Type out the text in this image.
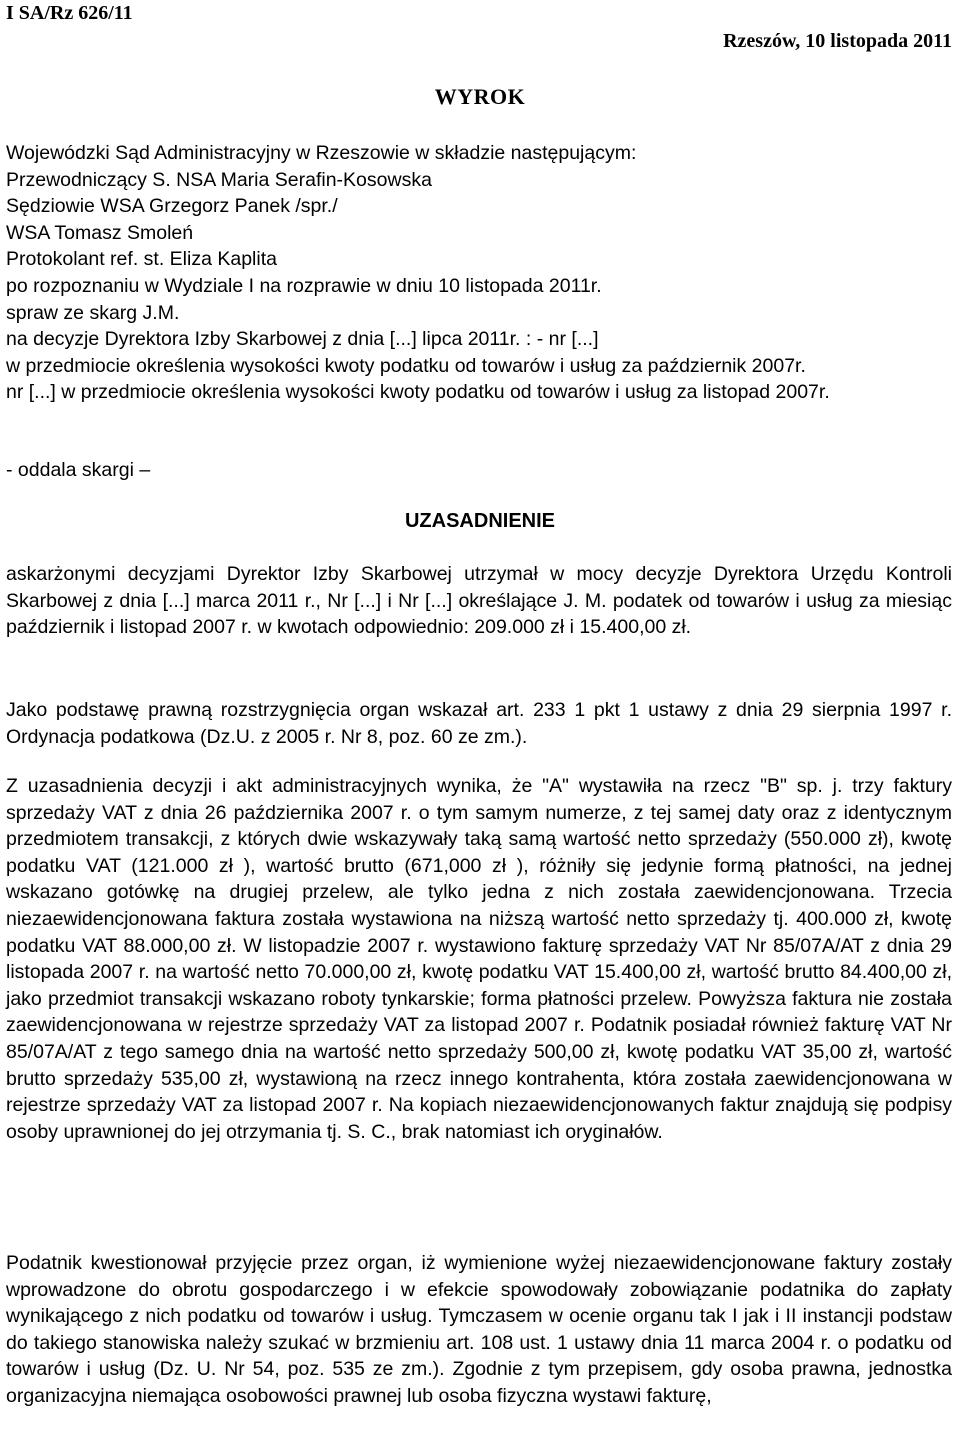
I SA/Rz 626/11
Rzeszów, 10 listopada 2011
WYROK
Wojewódzki Sąd Administracyjny w Rzeszowie w składzie następującym:
Przewodniczący S. NSA Maria Serafin-Kosowska
Sędziowie WSA Grzegorz Panek /spr./
WSA Tomasz Smoleń
Protokolant ref. st. Eliza Kaplita
po rozpoznaniu w Wydziale I na rozprawie w dniu 10 listopada 2011r.
spraw ze skarg J.M.
na decyzje Dyrektora Izby Skarbowej z dnia [...] lipca 2011r. : - nr [...]
w przedmiocie określenia wysokości kwoty podatku od towarów i usług za październik 2007r.
nr [...] w przedmiocie określenia wysokości kwoty podatku od towarów i usług za listopad 2007r.
- oddala skargi –
UZASADNIENIE

askarżonymi decyzjami Dyrektor Izby Skarbowej utrzymał w mocy decyzje Dyrektora Urzędu Kontroli Skarbowej z dnia [...] marca 2011 r., Nr [...] i Nr [...] określające J. M. podatek od towarów i usług za miesiąc październik i listopad 2007 r. w kwotach odpowiednio: 209.000 zł i 15.400,00 zł.

Jako podstawę prawną rozstrzygnięcia organ wskazał art. 233 1 pkt 1 ustawy z dnia 29 sierpnia 1997 r. Ordynacja podatkowa (Dz.U. z 2005 r. Nr 8, poz. 60 ze zm.).

Z uzasadnienia decyzji i akt administracyjnych wynika, że "A" wystawiła na rzecz "B" sp. j. trzy faktury sprzedaży VAT z dnia 26 października 2007 r. o tym samym numerze, z tej samej daty oraz z identycznym przedmiotem transakcji, z których dwie wskazywały taką samą wartość netto sprzedaży (550.000 zł), kwotę podatku VAT (121.000 zł ), wartość brutto (671,000 zł ), różniły się jedynie formą płatności, na jednej wskazano gotówkę na drugiej przelew, ale tylko jedna z nich została zaewidencjonowana. Trzecia niezaewidencjonowana faktura została wystawiona na niższą wartość netto sprzedaży tj. 400.000 zł, kwotę podatku VAT 88.000,00 zł. W listopadzie 2007 r. wystawiono fakturę sprzedaży VAT Nr 85/07A/AT z dnia 29 listopada 2007 r. na wartość netto 70.000,00 zł, kwotę podatku VAT 15.400,00 zł, wartość brutto 84.400,00 zł, jako przedmiot transakcji wskazano roboty tynkarskie; forma płatności przelew. Powyższa faktura nie została zaewidencjonowana w rejestrze sprzedaży VAT za listopad 2007 r. Podatnik posiadał również fakturę VAT Nr 85/07A/AT z tego samego dnia na wartość netto sprzedaży 500,00 zł, kwotę podatku VAT 35,00 zł, wartość brutto sprzedaży 535,00 zł, wystawioną na rzecz innego kontrahenta, która została zaewidencjonowana w rejestrze sprzedaży VAT za listopad 2007 r. Na kopiach niezaewidencjonowanych faktur znajdują się podpisy osoby uprawnionej do jej otrzymania tj. S. C., brak natomiast ich oryginałów.

Podatnik kwestionował przyjęcie przez organ, iż wymienione wyżej niezaewidencjonowane faktury zostały wprowadzone do obrotu gospodarczego i w efekcie spowodowały zobowiązanie podatnika do zapłaty wynikającego z nich podatku od towarów i usług. Tymczasem w ocenie organu tak I jak i II instancji podstaw do takiego stanowiska należy szukać w brzmieniu art. 108 ust. 1 ustawy dnia 11 marca 2004 r. o podatku od towarów i usług (Dz. U. Nr 54, poz. 535 ze zm.). Zgodnie z tym przepisem, gdy osoba prawna, jednostka organizacyjna niemająca osobowości prawnej lub osoba fizyczna wystawi fakturę,
